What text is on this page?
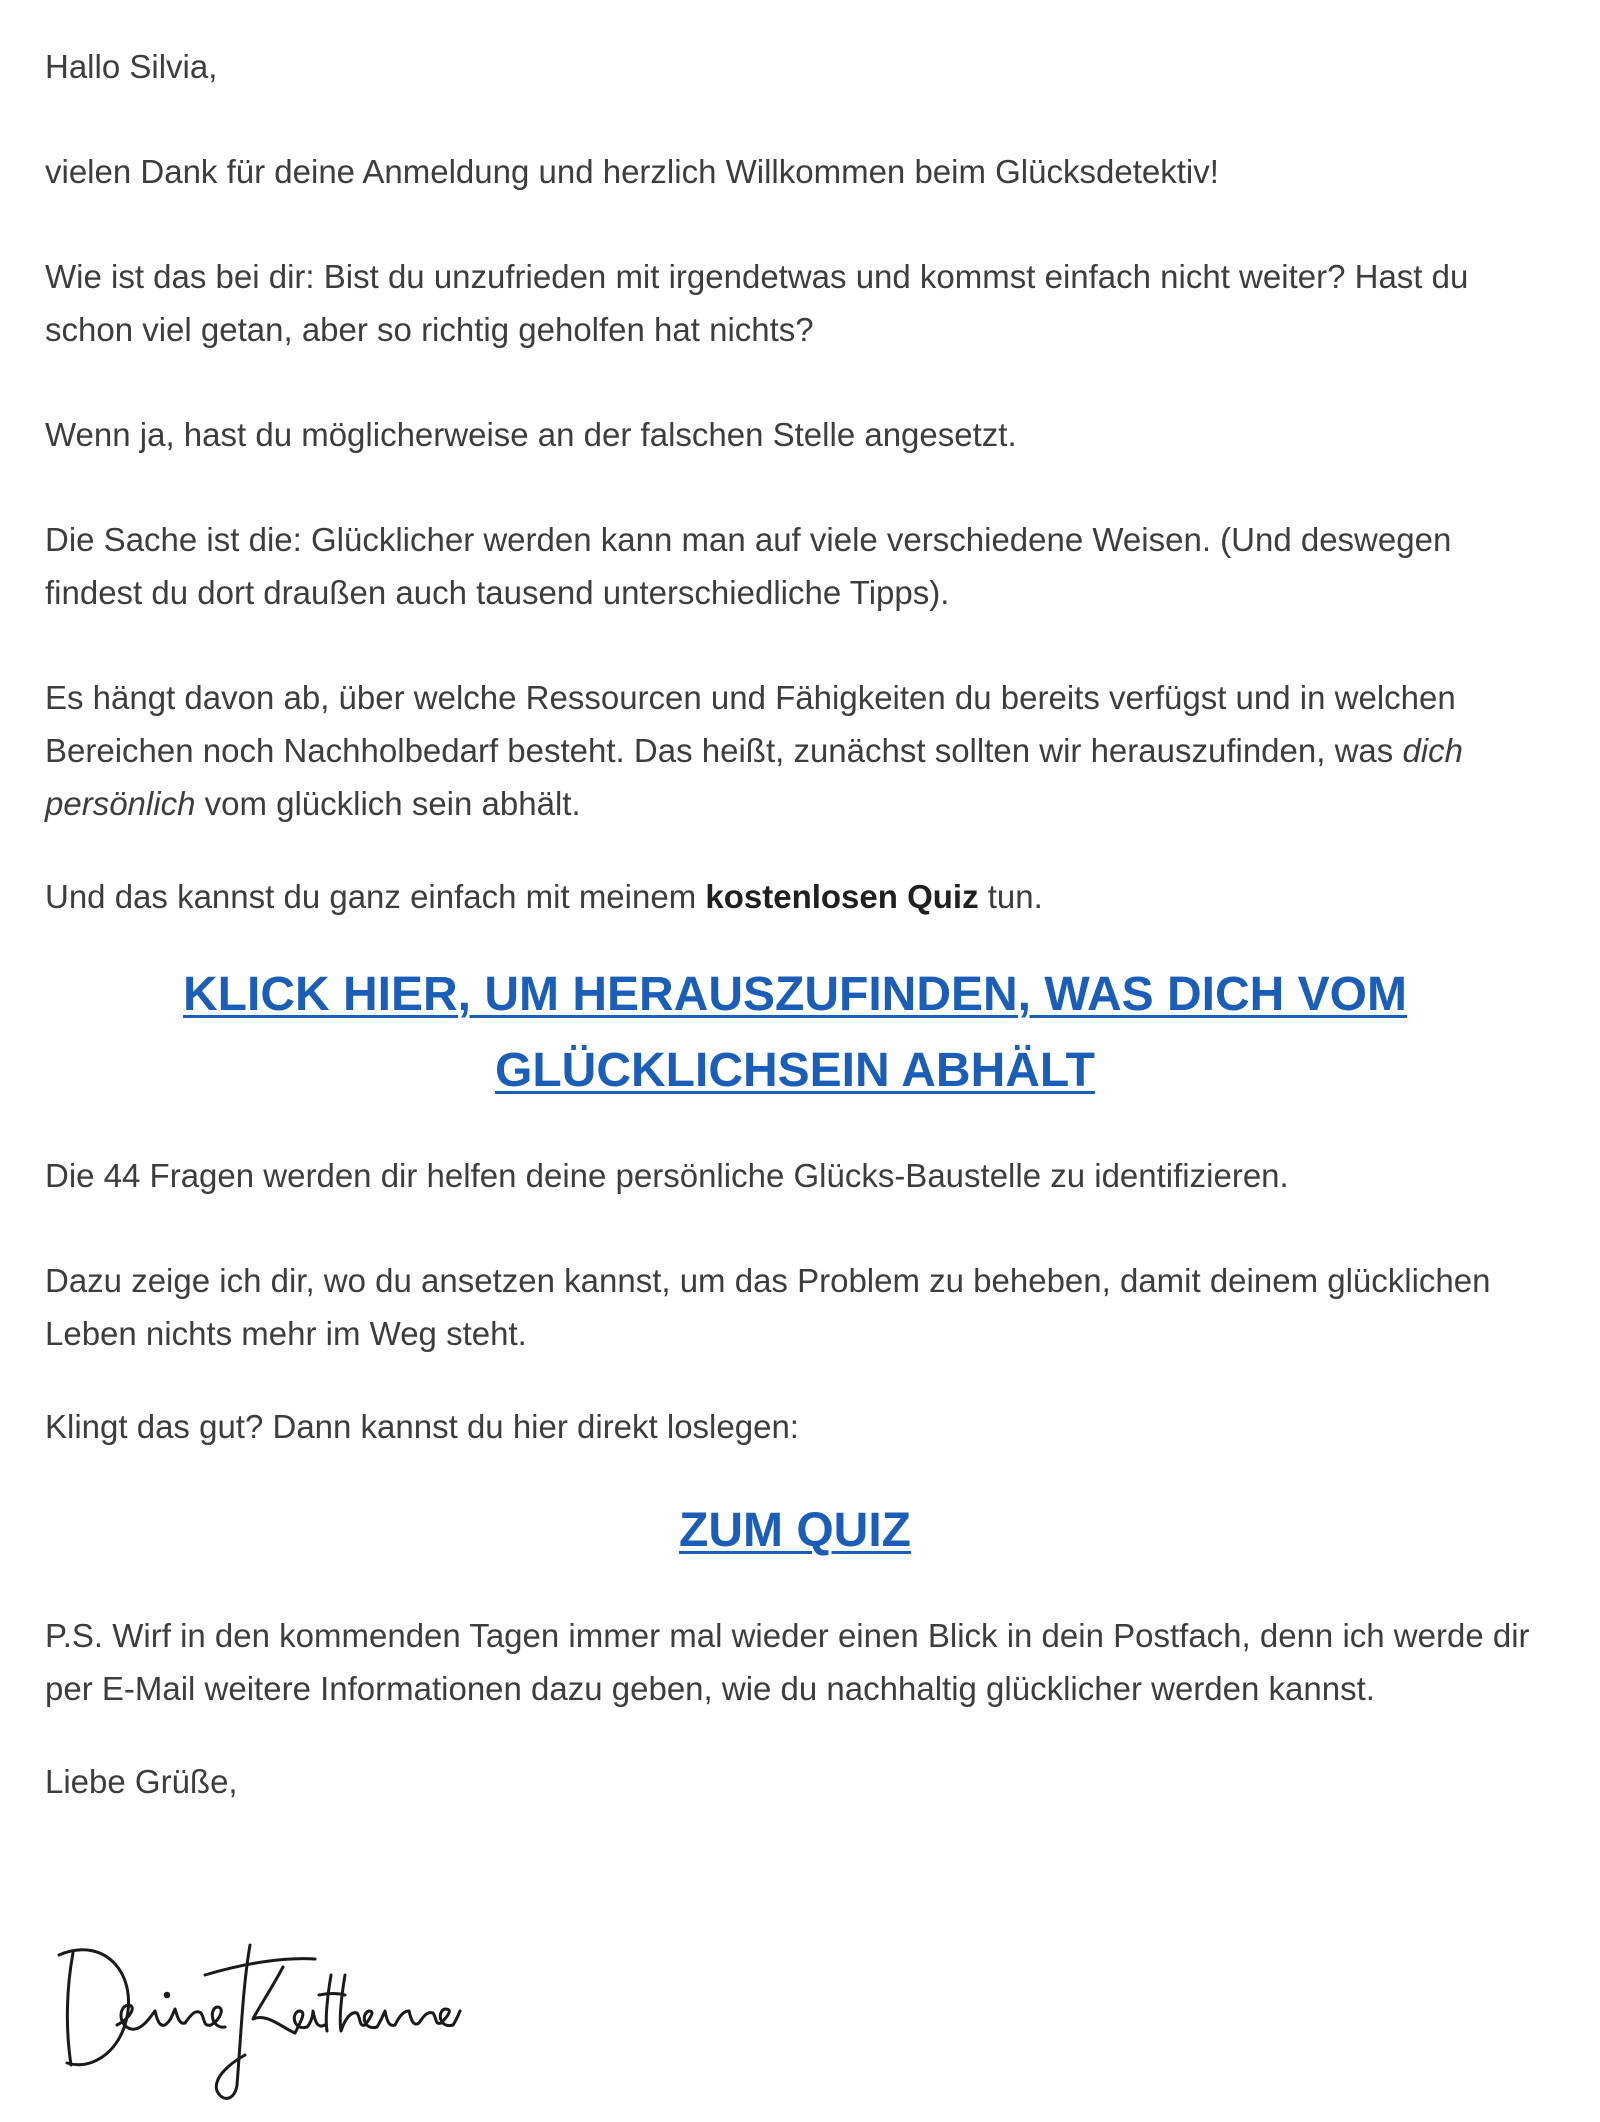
Hallo Silvia,

vielen Dank für deine Anmeldung und herzlich Willkommen beim Glücksdetektiv!

Wie ist das bei dir: Bist du unzufrieden mit irgendetwas und kommst einfach nicht weiter? Hast du schon viel getan, aber so richtig geholfen hat nichts?

Wenn ja, hast du möglicherweise an der falschen Stelle angesetzt.

Die Sache ist die: Glücklicher werden kann man auf viele verschiedene Weisen. (Und deswegen findest du dort draußen auch tausend unterschiedliche Tipps).

Es hängt davon ab, über welche Ressourcen und Fähigkeiten du bereits verfügst und in welchen Bereichen noch Nachholbedarf besteht. Das heißt, zunächst sollten wir herauszufinden, was dich persönlich vom glücklich sein abhält.

Und das kannst du ganz einfach mit meinem kostenlosen Quiz tun.

KLICK HIER, UM HERAUSZUFINDEN, WAS DICH VOM
GLÜCKLICHSEIN ABHÄLT

Die 44 Fragen werden dir helfen deine persönliche Glücks-Baustelle zu identifizieren.

Dazu zeige ich dir, wo du ansetzen kannst, um das Problem zu beheben, damit deinem glücklichen Leben nichts mehr im Weg steht.

Klingt das gut? Dann kannst du hier direkt loslegen:

ZUM QUIZ

P.S. Wirf in den kommenden Tagen immer mal wieder einen Blick in dein Postfach, denn ich werde dir per E-Mail weitere Informationen dazu geben, wie du nachhaltig glücklicher werden kannst.

Liebe Grüße,
